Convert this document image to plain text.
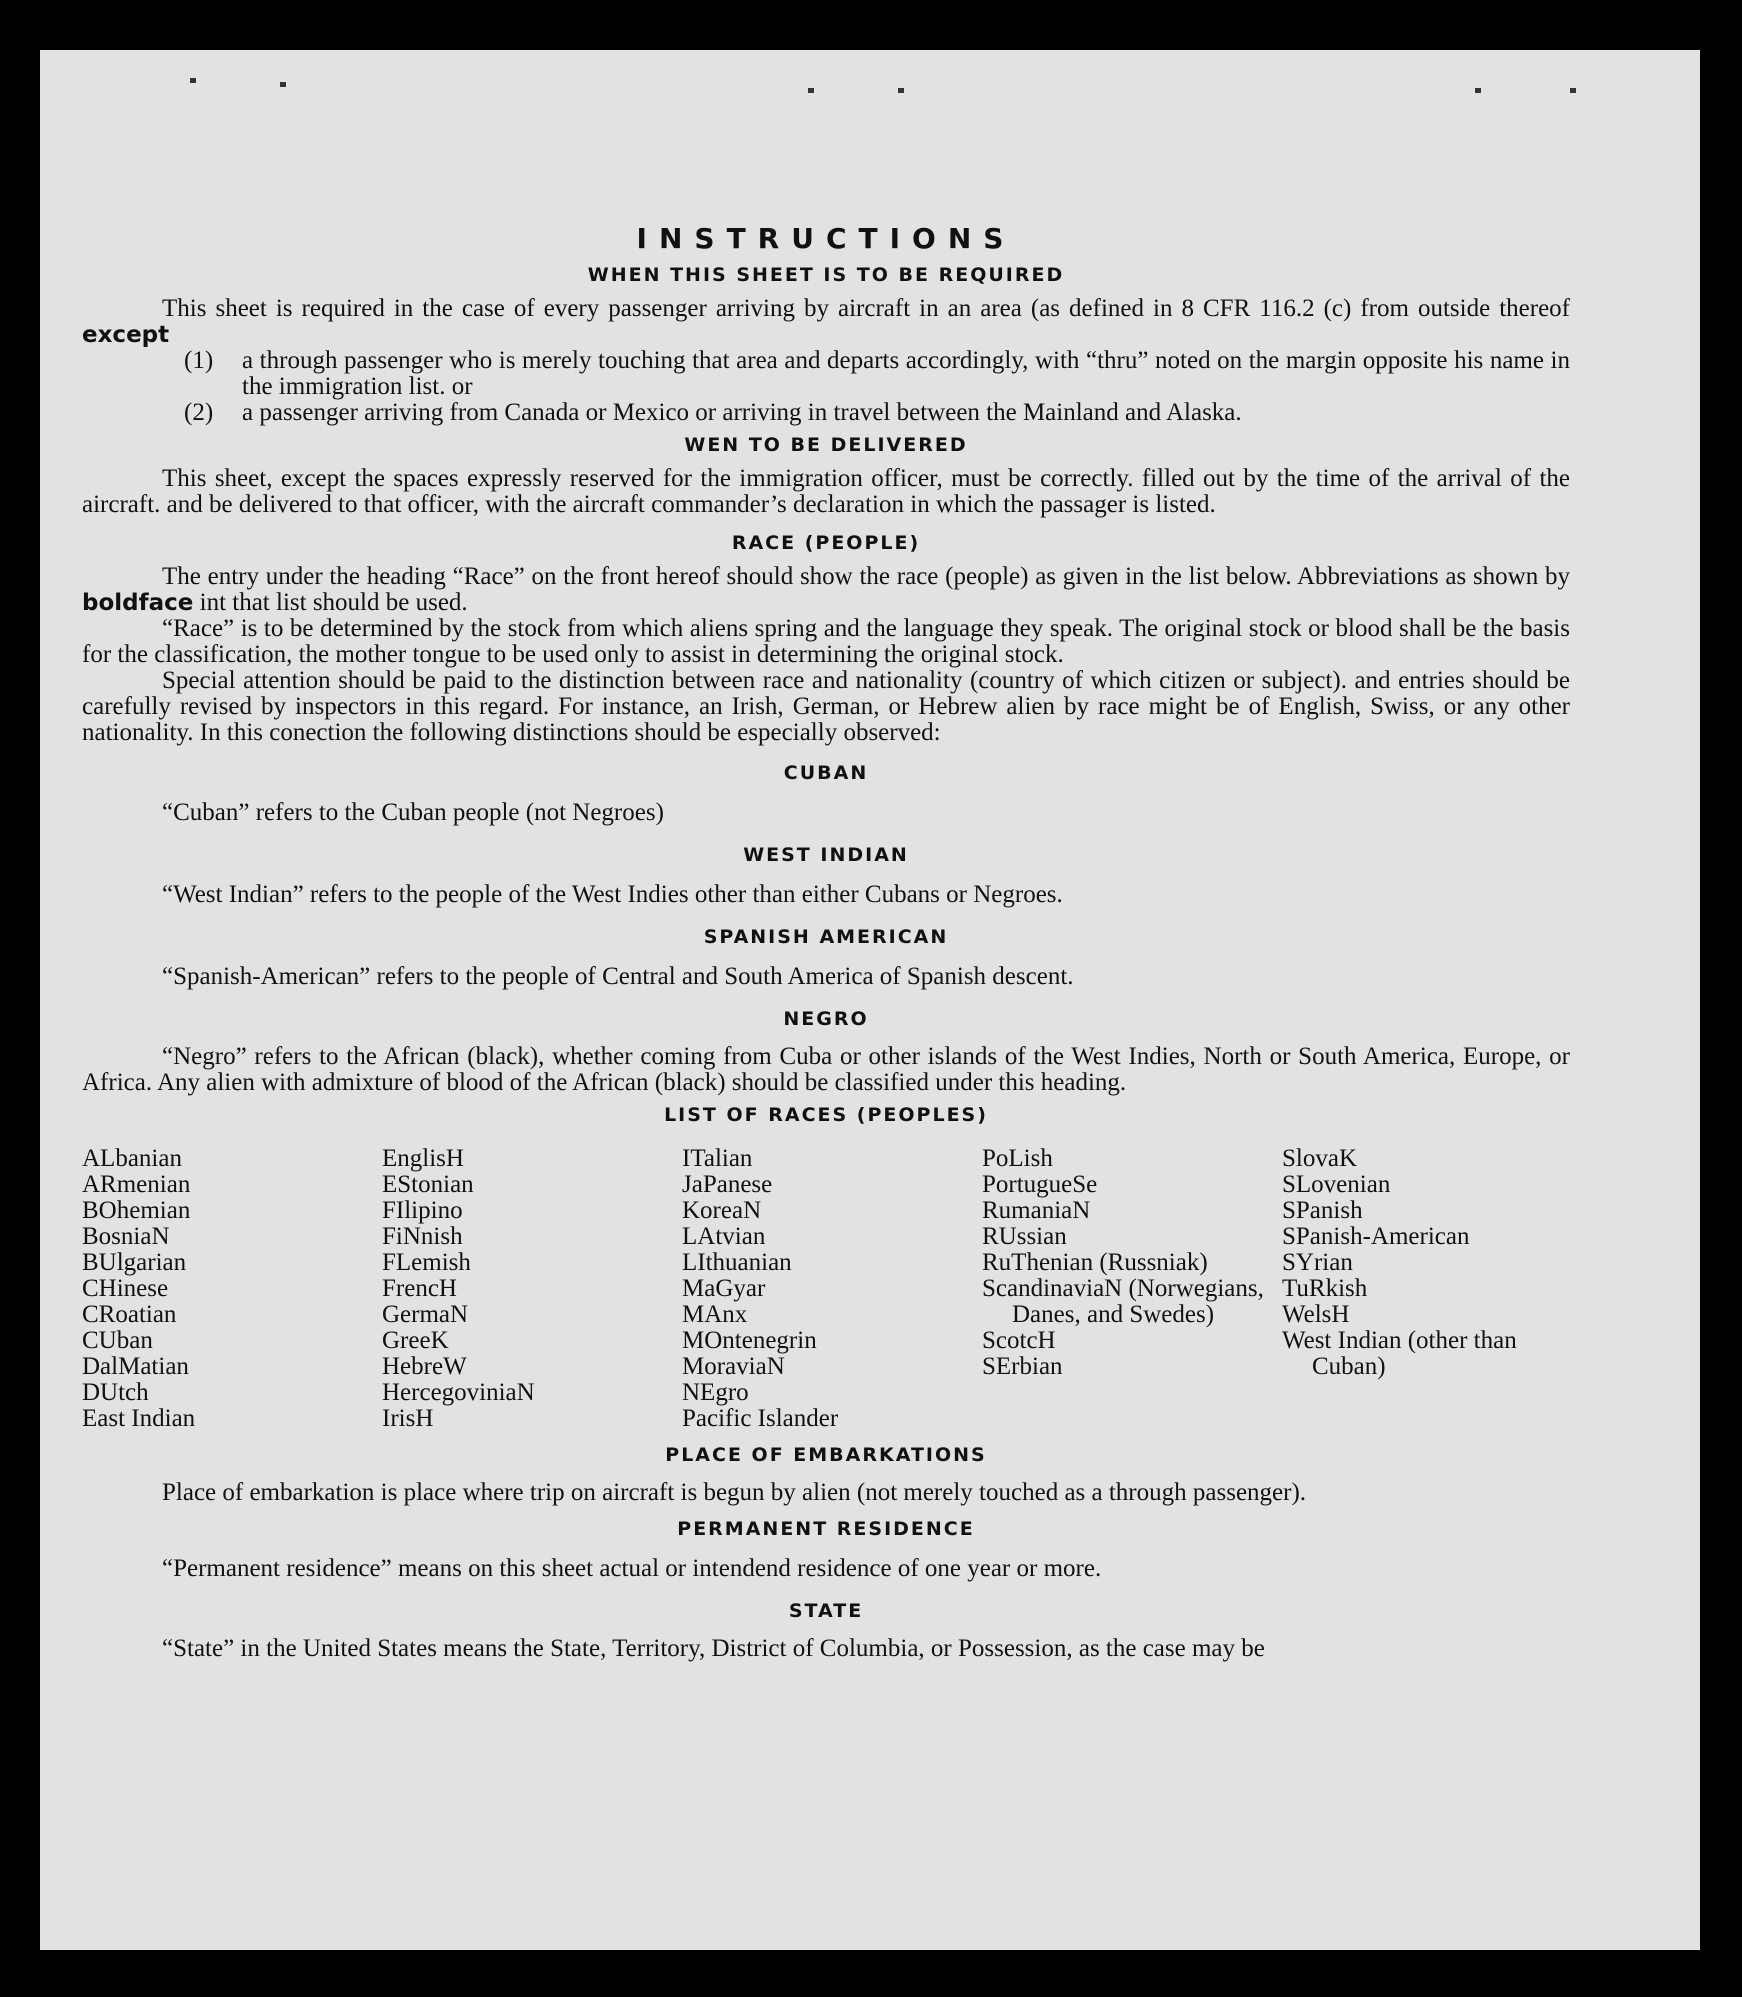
INSTRUCTIONS
WHEN THIS SHEET IS TO BE REQUIRED

This sheet is required in the case of every passenger arriving by aircraft in an area (as defined in 8 CFR 116.2 (c) from outside thereof except

(1)	a through passenger who is merely touching that area and departs accordingly, with “thru” noted on the margin opposite his name in the immigration list. or
(2)	a passenger arriving from Canada or Mexico or arriving in travel between the Mainland and Alaska.
WEN TO BE DELIVERED

This sheet, except the spaces expressly reserved for the immigration officer, must be correctly. filled out by the time of the arrival of the aircraft. and be delivered to that officer, with the aircraft commander’s declaration in which the passager is listed.

RACE (PEOPLE)

The entry under the heading “Race” on the front hereof should show the race (people) as given in the list below. Abbreviations as shown by boldface int that list should be used.

“Race” is to be determined by the stock from which aliens spring and the language they speak. The original stock or blood shall be the basis for the classification, the mother tongue to be used only to assist in determining the original stock.

Special attention should be paid to the distinction between race and nationality (country of which citizen or subject). and entries should be carefully revised by inspectors in this regard. For instance, an Irish, German, or Hebrew alien by race might be of English, Swiss, or any other nationality. In this conection the following distinctions should be especially observed:

CUBAN

“Cuban” refers to the Cuban people (not Negroes)

WEST INDIAN

“West Indian” refers to the people of the West Indies other than either Cubans or Negroes.

SPANISH AMERICAN

“Spanish-American” refers to the people of Central and South America of Spanish descent.

NEGRO

“Negro” refers to the African (black), whether coming from Cuba or other islands of the West Indies, North or South America, Europe, or Africa. Any alien with admixture of blood of the African (black) should be classified under this heading.

LIST OF RACES (PEOPLES)
ALbanian
ARmenian
BOhemian
BosniaN
BUlgarian
CHinese
CRoatian
CUban
DalMatian
DUtch
East Indian
EnglisH
EStonian
FIlipino
FiNnish
FLemish
FrencH
GermaN
GreeK
HebreW
HercegoviniaN
IrisH
ITalian
JaPanese
KoreaN
LAtvian
LIthuanian
MaGyar
MAnx
MOntenegrin
MoraviaN
NEgro
Pacific Islander
PoLish
PortugueSe
RumaniaN
RUssian
RuThenian (Russniak)
ScandinaviaN (Norwegians, Danes, and Swedes)
ScotcH
SErbian
SlovaK
SLovenian
SPanish
SPanish-American
SYrian
TuRkish
WelsH
West Indian (other than Cuban)
PLACE OF EMBARKATIONS

Place of embarkation is place where trip on aircraft is begun by alien (not merely touched as a through passenger).

PERMANENT RESIDENCE

“Permanent residence” means on this sheet actual or intendend residence of one year or more.

STATE

“State” in the United States means the State, Territory, District of Columbia, or Possession, as the case may be
